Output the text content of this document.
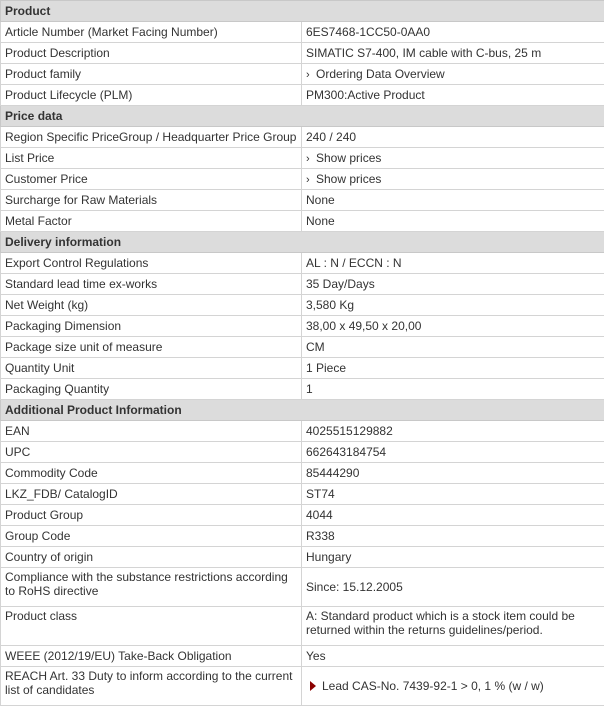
Product	
Article Number (Market Facing Number)	6ES7468-1CC50-0AA0
Product Description	SIMATIC S7-400, IM cable with C-bus, 25 m
Product family	› Ordering Data Overview
Product Lifecycle (PLM)	PM300:Active Product
Price data	
Region Specific PriceGroup / Headquarter Price Group	240 / 240
List Price	› Show prices
Customer Price	› Show prices
Surcharge for Raw Materials	None
Metal Factor	None
Delivery information	
Export Control Regulations	AL : N / ECCN : N
Standard lead time ex-works	35 Day/Days
Net Weight (kg)	3,580 Kg
Packaging Dimension	38,00 x 49,50 x 20,00
Package size unit of measure	CM
Quantity Unit	1 Piece
Packaging Quantity	1
Additional Product Information	
EAN	4025515129882
UPC	662643184754
Commodity Code	85444290
LKZ_FDB/ CatalogID	ST74
Product Group	4044
Group Code	R338
Country of origin	Hungary
Compliance with the substance restrictions according to RoHS directive	Since: 15.12.2005
Product class	A: Standard product which is a stock item could be returned within the returns guidelines/period.
WEEE (2012/19/EU) Take-Back Obligation	Yes
REACH Art. 33 Duty to inform according to the current list of candidates	Lead CAS-No. 7439-92-1 > 0, 1 % (w / w)
